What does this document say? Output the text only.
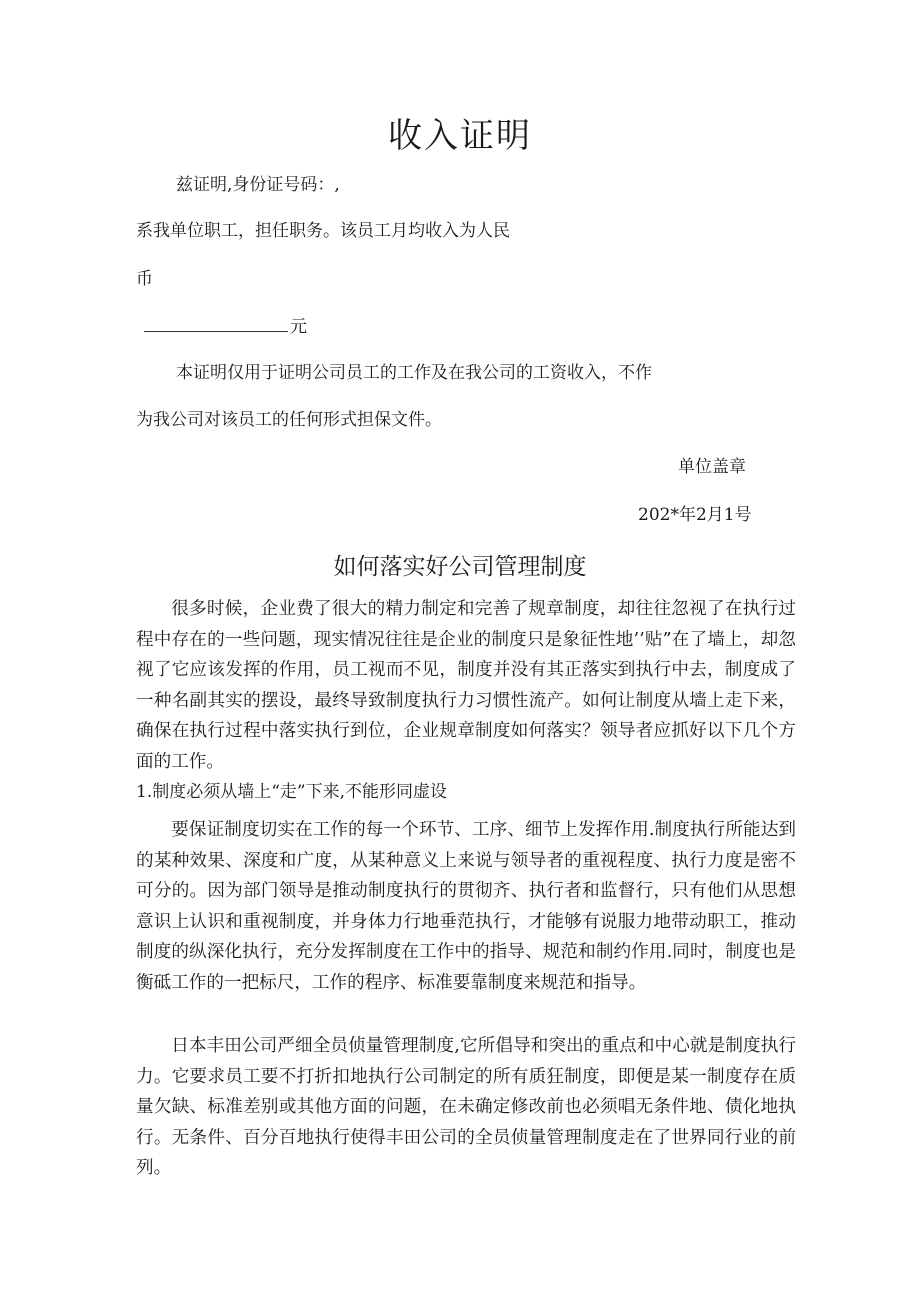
收入证明
兹证明,身份证号码：,
系我单位职工，担任职务。该员工月均收入为人民
币
元
本证明仅用于证明公司员工的工作及在我公司的工资收入，不作
为我公司对该员工的任何形式担保文件。
单位盖章
202*年2月1号
如何落实好公司管理制度

很多时候，企业费了很大的精力制定和完善了规章制度，却往往忽视了在执行过程中存在的一些问题，现实情况往往是企业的制度只是象征性地’’贴”在了墙上，却忽视了它应该发挥的作用，员工视而不见，制度并没有其正落实到执行中去，制度成了一种名副其实的摆设，最终导致制度执行力习惯性流产。如何让制度从墙上走下来，确保在执行过程中落实执行到位，企业规章制度如何落实？领导者应抓好以下几个方面的工作。

1.制度必须从墙上“走”下来,不能形同虚设

要保证制度切实在工作的每一个环节、工序、细节上发挥作用.制度执行所能达到的某种效果、深度和广度，从某种意义上来说与领导者的重视程度、执行力度是密不可分的。因为部门领导是推动制度执行的贯彻齐、执行者和监督行，只有他们从思想意识上认识和重视制度，并身体力行地垂范执行，才能够有说服力地带动职工，推动制度的纵深化执行，充分发挥制度在工作中的指导、规范和制约作用.同时，制度也是衡砥工作的一把标尺，工作的程序、标准要靠制度来规范和指导。

日本丰田公司严细全员侦量管理制度,它所倡导和突出的重点和中心就是制度执行力。它要求员工要不打折扣地执行公司制定的所有质狂制度，即便是某一制度存在质量欠缺、标准差别或其他方面的问题，在未确定修改前也必须唱无条件地、债化地执行。无条件、百分百地执行使得丰田公司的全员侦量管理制度走在了世界同行业的前列。
